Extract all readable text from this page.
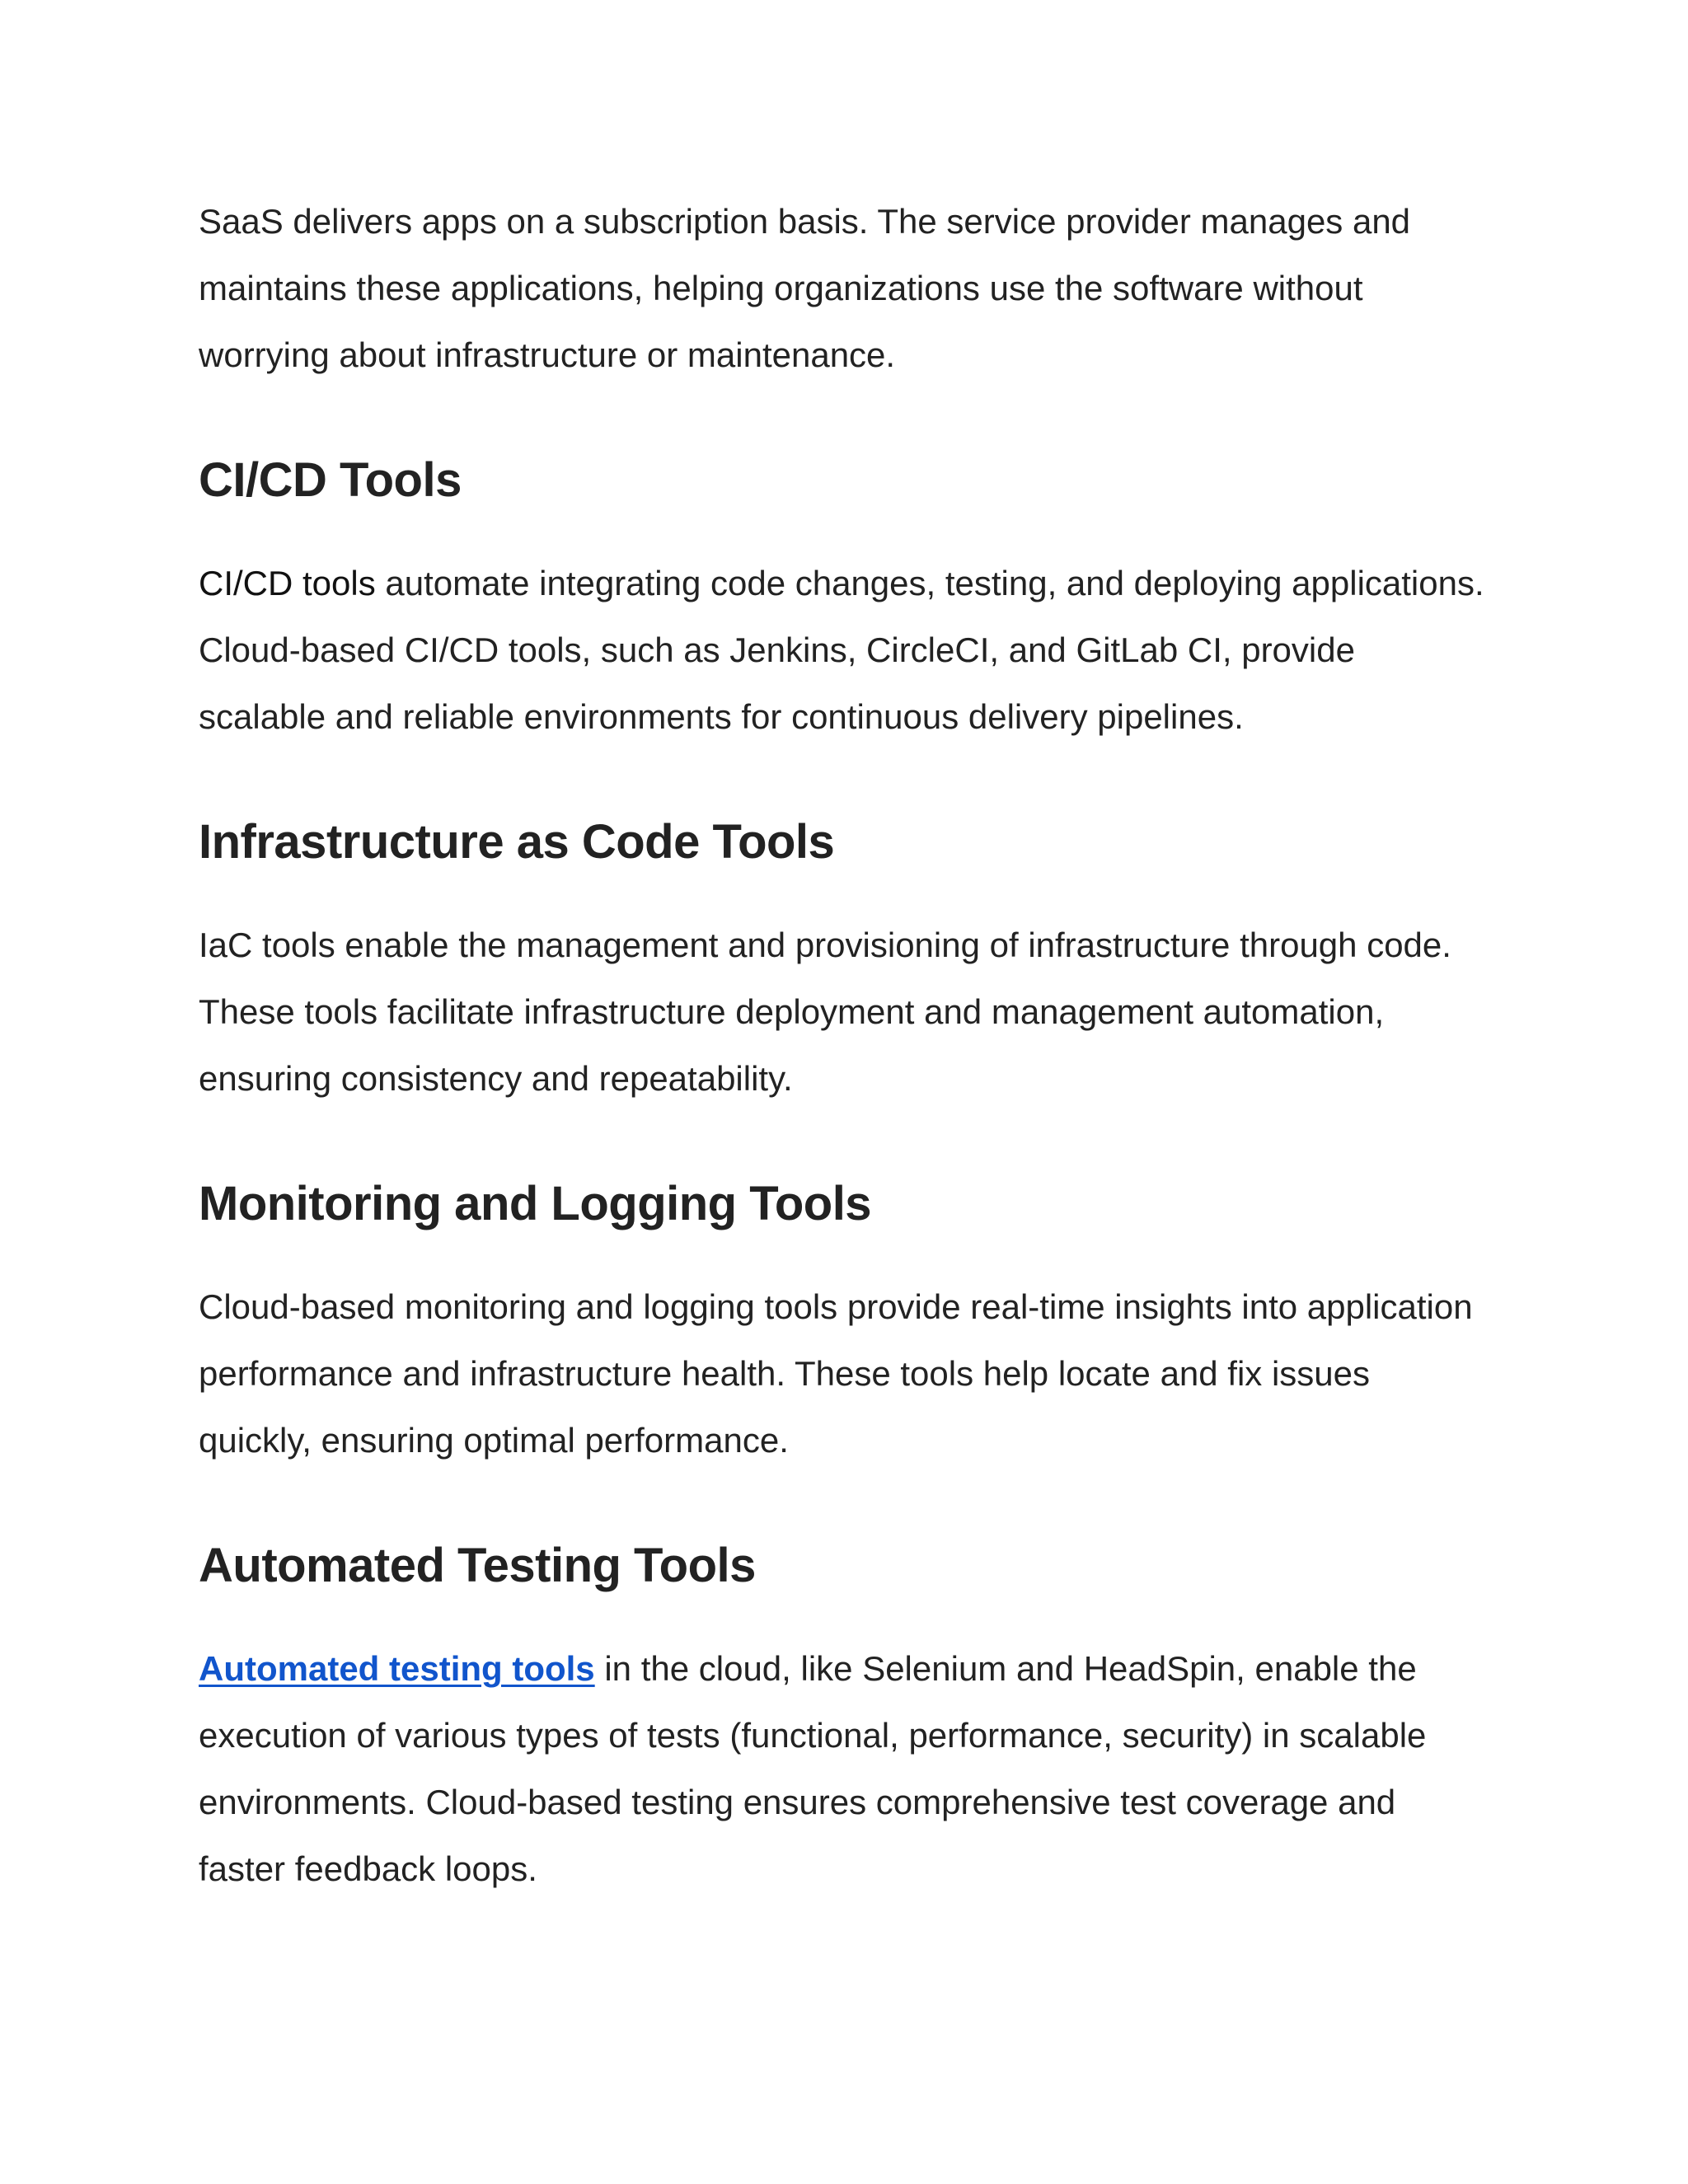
SaaS delivers apps on a subscription basis. The service provider manages and maintains these applications, helping organizations use the software without worrying about infrastructure or maintenance.

CI/CD Tools

CI/CD tools automate integrating code changes, testing, and deploying applications. Cloud-based CI/CD tools, such as Jenkins, CircleCI, and GitLab CI, provide scalable and reliable environments for continuous delivery pipelines.

Infrastructure as Code Tools

IaC tools enable the management and provisioning of infrastructure through code. These tools facilitate infrastructure deployment and management automation, ensuring consistency and repeatability.

Monitoring and Logging Tools

Cloud-based monitoring and logging tools provide real-time insights into application performance and infrastructure health. These tools help locate and fix issues quickly, ensuring optimal performance.

Automated Testing Tools

Automated testing tools in the cloud, like Selenium and HeadSpin, enable the execution of various types of tests (functional, performance, security) in scalable environments. Cloud-based testing ensures comprehensive test coverage and faster feedback loops.
